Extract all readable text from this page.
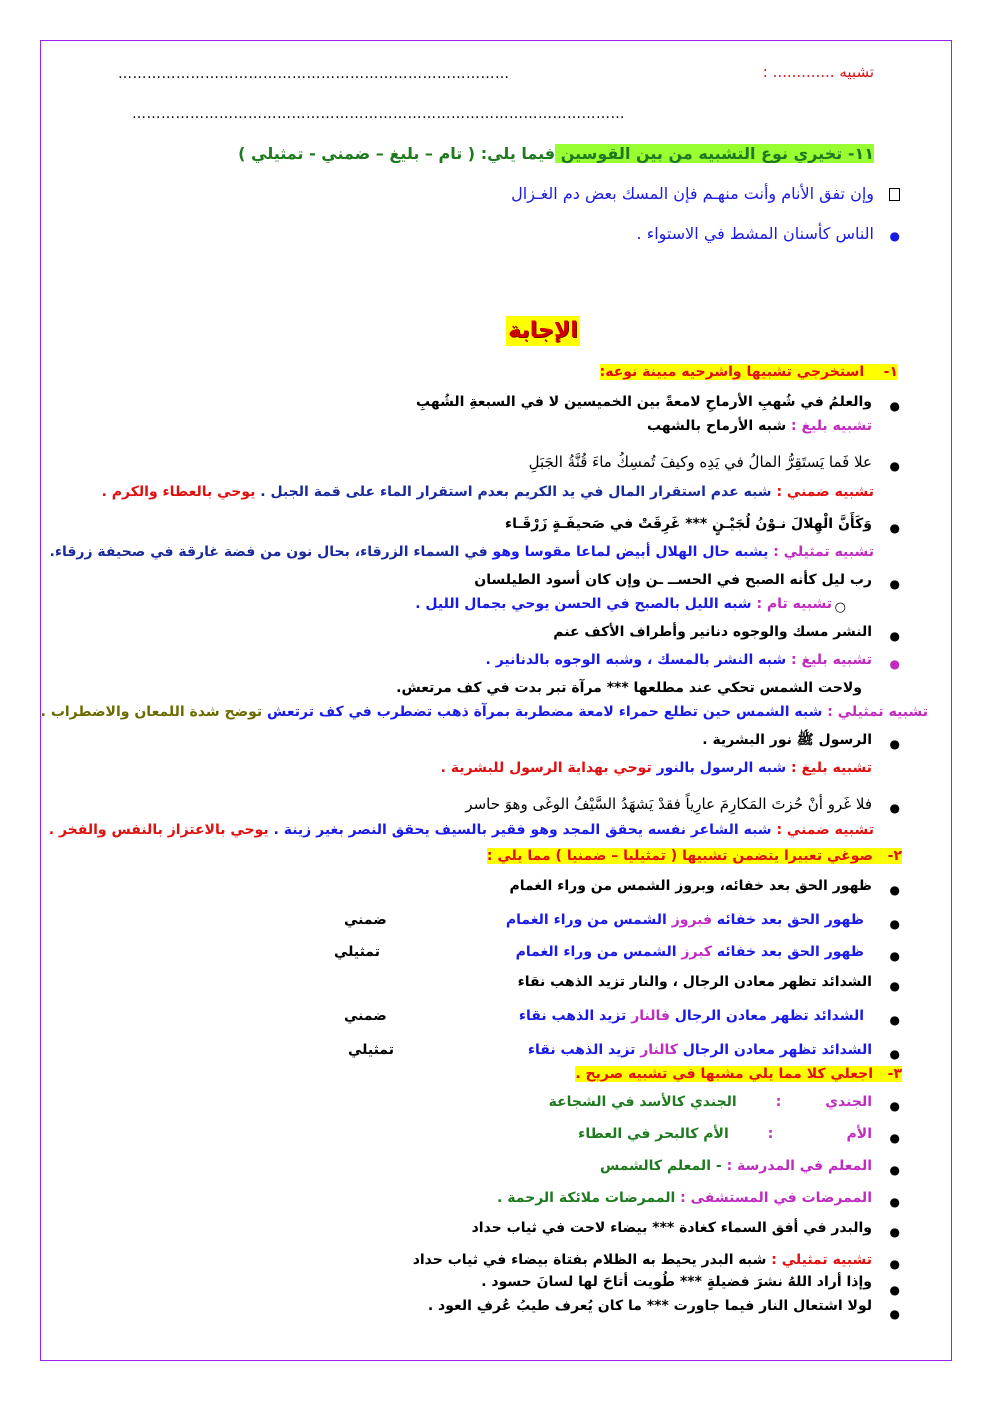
تشبيه ............. :
………………………………………………………………………
…………………………………………………………………………………………
١١- تخيري نوع التشبيه من بين القوسين فيما يلي: ( تام – بليغ – ضمني - تمثيلي )
وإن تفق الأنام وأنت منهـم فإن المسك بعض دم الغـزال
●
الناس كأسنان المشط في الاستواء .
الإجابة
١-    استخرجي تشبيها واشرحيه مبينة نوعه:
●
والعلمُ في شُهبِ الأرماحِ لامعةً بين الخميسين لا في السبعةِ الشُهبِ
تشبيه بليغ : شبه الأرماح بالشهب
●
علا فَما يَستَقِرُّ المالُ في يَدِه وكيفَ تُمسِكُ ماءَ قُنَّةُ الجَبَلِ
تشبيه ضمني : شبه عدم استقرار المال في يد الكريم بعدم استقرار الماء على قمة الجبل . يوحي بالعطاء والكرم .
●
وَكَأَنَّ الْهِلالَ نـوْنُ لُجَيْـنٍ *** غَرِقَتْ في صَحيفَـةٍ زَرْقَـاء
تشبيه تمثيلي : يشبه حال الهلال أبيض لماعا مقوسا وهو في السماء الزرقاء، بحال نون من فضة غارقة في صحيفة زرقاء.
●
رب ليل كأنه الصبح في الحســ ـن وإن كان أسود الطيلسان
○
تشبيه تام : شبه الليل بالصبح في الحسن يوحي بجمال الليل .
●
النشر مسك والوجوه دنانير وأطراف الأكف عنم
●
تشبيه بليغ : شبه النشر بالمسك ، وشبه الوجوه بالدنانير .
ولاحت الشمس تحكي عند مطلعها *** مرآة تبر بدت في كف مرتعش.
تشبيه تمثيلي : شبه الشمس حين تطلع حمراء لامعة مضطربة بمرآة ذهب تضطرب في كف ترتعش توضح شدة اللمعان والاضطراب .
●
الرسول ﷺ نور البشرية .
تشبيه بليغ : شبه الرسول بالنور توحي بهداية الرسول للبشرية .
●
فلا غَرو أنْ حُزتَ المَكارِمَ عارِياً فقدْ يَشهَدُ السَّيْفُ الوغَى وهوَ حاسر
تشبيه ضمني : شبه الشاعر نفسه يحقق المجد وهو فقير بالسيف يحقق النصر بغير زينة . يوحي بالاعتزاز بالنفس والفخر .
٢-   صوغي تعبيرا يتضمن تشبيها ( تمثيليا – ضمنيا ) مما يلي :
●
ظهور الحق بعد خفائه، وبروز الشمس من وراء الغمام
●
ظهور الحق بعد خفائه فبروز الشمس من وراء الغمام
ضمني
●
ظهور الحق بعد خفائه كبرز الشمس من وراء الغمام
تمثيلي
●
الشدائد تظهر معادن الرجال ، والنار تزيد الذهب نقاء
●
الشدائد تظهر معادن الرجال فالنار تزيد الذهب نقاء
ضمني
●
الشدائد تظهر معادن الرجال كالنار تزيد الذهب نقاء
تمثيلي
٣-   اجعلي كلا مما يلي مشبها في تشبيه صريح .
●
الجندي         :        الجندي كالأسد في الشجاعة
●
الأم               :        الأم كالبحر في العطاء
●
المعلم في المدرسة : - المعلم كالشمس
●
الممرضات في المستشفى : الممرضات ملائكة الرحمة .
●
والبدر في أفق السماء كغادة *** بيضاء لاحت في ثياب حداد
●
تشبيه تمثيلي : شبه البدر يحيط به الظلام بفتاة بيضاء في ثياب حداد
●
وإذا أراد اللهُ نشرَ فضيلةٍ *** طُويت أتاحَ لها لسانَ حسود .
●
لولا اشتعال النار فيما جاورت *** ما كان يُعرف طيبُ عُرفِ العود .
